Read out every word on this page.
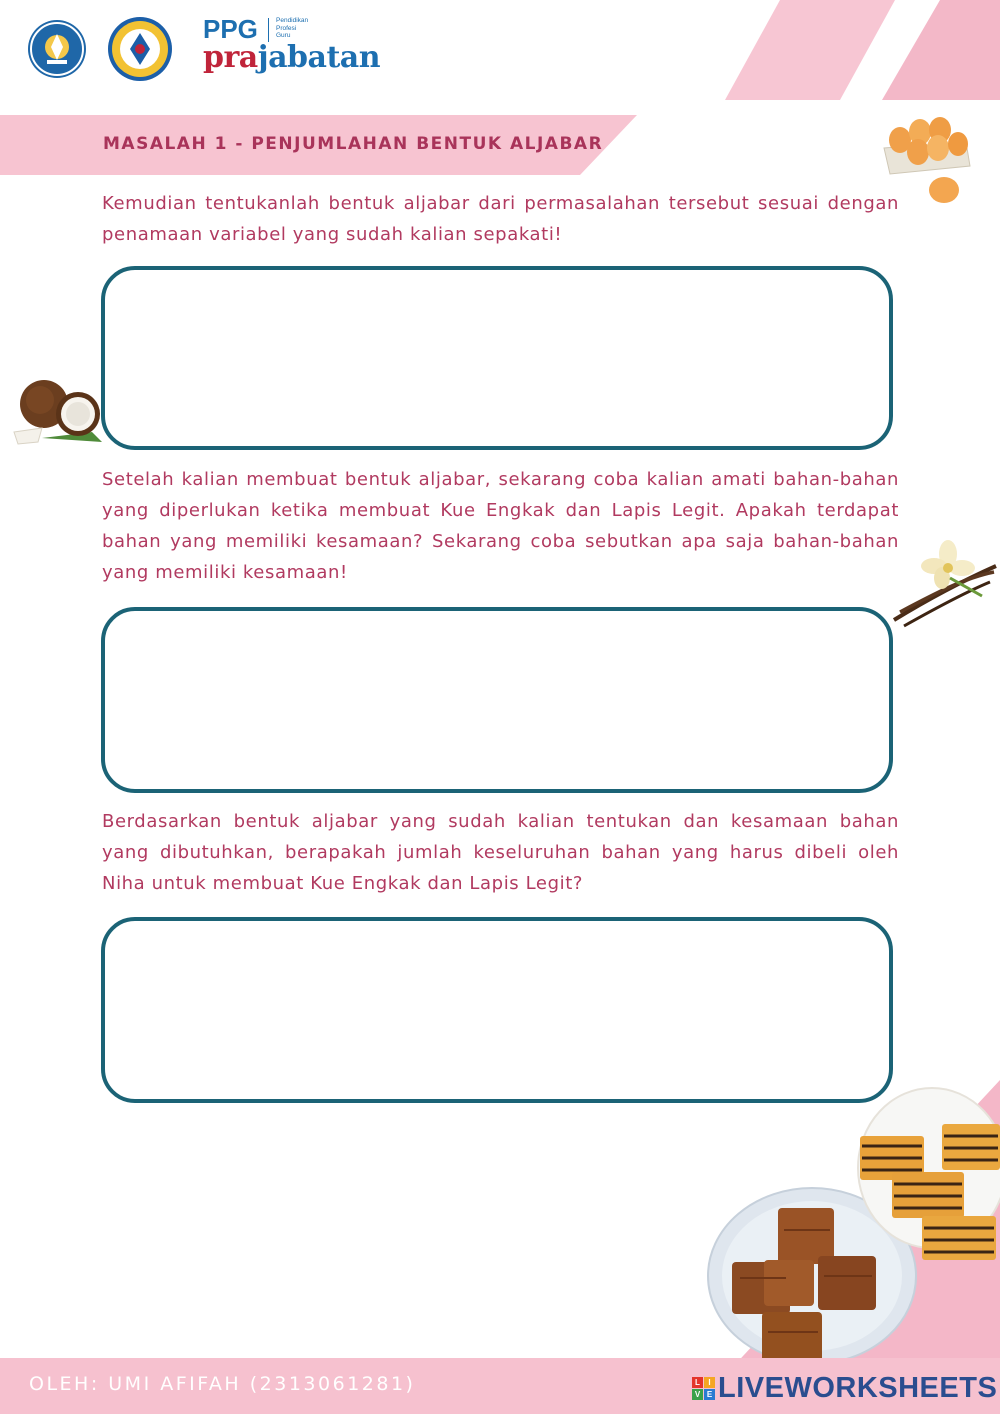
PPG	Pendidikan
Profesi
Guru
prajabatan
MASALAH 1 - PENJUMLAHAN BENTUK ALJABAR
Kemudian tentukanlah bentuk aljabar dari permasalahan tersebut sesuai dengan penamaan variabel yang sudah kalian sepakati!
Setelah kalian membuat bentuk aljabar, sekarang coba kalian amati bahan-bahan yang diperlukan ketika membuat Kue Engkak dan Lapis Legit. Apakah terdapat bahan yang memiliki kesamaan? Sekarang coba sebutkan apa saja bahan-bahan yang memiliki kesamaan!
Berdasarkan bentuk aljabar yang sudah kalian tentukan dan kesamaan bahan yang dibutuhkan, berapakah jumlah keseluruhan bahan yang harus dibeli oleh Niha untuk membuat Kue Engkak dan Lapis Legit?
OLEH: UMI AFIFAH (2313061281)	L	I
V E LIVEWORKSHEETS
